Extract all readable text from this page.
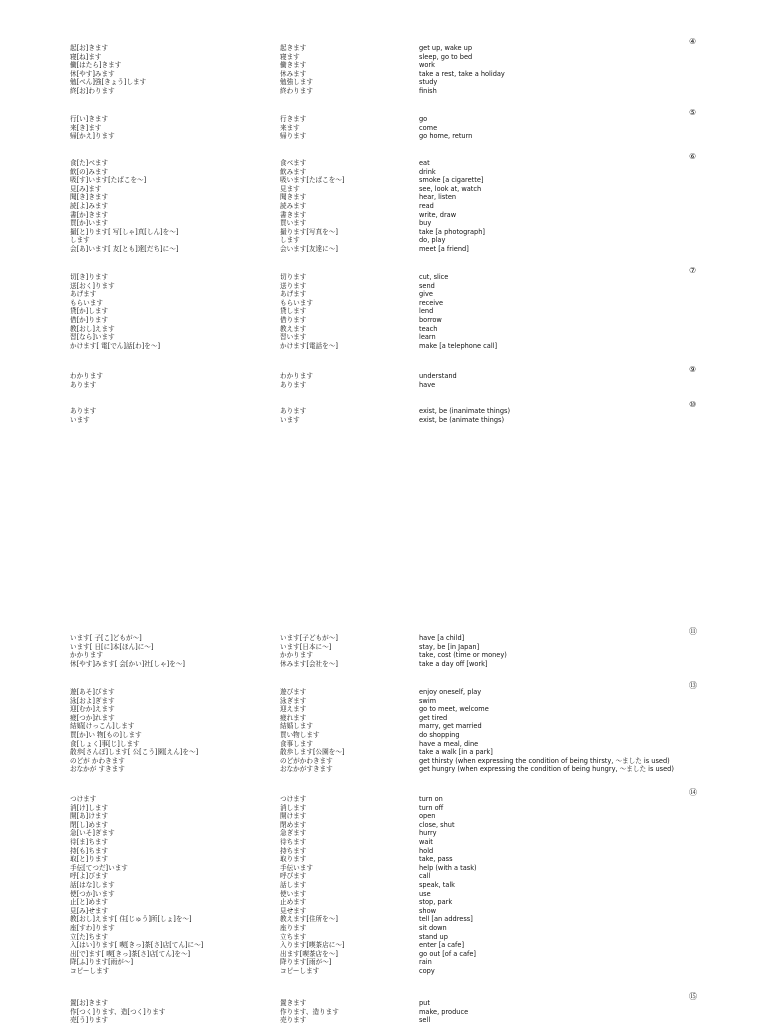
④
起[お]きます	起きます	get up, wake up
寝[ね]ます	寝ます	sleep, go to bed
働[はたら]きます	働きます	work
休[やす]みます	休みます	take a rest, take a holiday
勉[べん]強[きょう]します	勉強します	study
終[お]わります	終わります	finish
⑤
行[い]きます	行きます	go
来[き]ます	来ます	come
帰[かえ]ります	帰ります	go home, return
⑥
食[た]べます	食べます	eat
飲[の]みます	飲みます	drink
吸[す]います[たばこを～]	吸います[たばこを～]	smoke [a cigarette]
見[み]ます	見ます	see, look at, watch
聞[き]きます	聞きます	hear, listen
読[よ]みます	読みます	read
書[か]きます	書きます	write, draw
買[か]います	買います	buy
撮[と]ります[ 写[しゃ]真[しん]を～]	撮ります[写真を～]	take [a photograph]
します	します	do, play
会[あ]います[ 友[とも]達[だち]に～]	会います[友達に～]	meet [a friend]
⑦
切[き]ります	切ります	cut, slice
送[おく]ります	送ります	send
あげます	あげます	give
もらいます	もらいます	receive
貸[か]します	貸します	lend
借[か]ります	借ります	borrow
教[おし]えます	教えます	teach
習[なら]います	習います	learn
かけます[ 電[でん]話[わ]を～]	かけます[電話を～]	make [a telephone call]
⑨
わかります	わかります	understand
あります	あります	have
⑩
あります	あります	exist, be (inanimate things)
います	います	exist, be (animate things)
⑪
います[ 子[こ]どもが～]	います[子どもが～]	have [a child]
います[ 日[に]本[ほん]に～]	います[日本に～]	stay, be [in Japan]
かかります	かかります	take, cost (time or money)
休[やす]みます[ 会[かい]社[しゃ]を～]	休みます[会社を～]	take a day off [work]
⑬
遊[あそ]びます	遊びます	enjoy oneself, play
泳[およ]ぎます	泳ぎます	swim
迎[むか]えます	迎えます	go to meet, welcome
疲[つか]れます	疲れます	get tired
結婚[けっこん]します	結婚します	marry, get married
買[か]い 物[もの]します	買い物します	do shopping
食[しょく]事[じ]します	食事します	have a meal, dine
散歩[さんぽ]します[ 公[こう]園[えん]を～]	散歩します[公園を～]	take a walk [in a park]
のどが かわきます	のどがかわきます	get thirsty (when expressing the condition of being thirsty, ～ました is used)
おなかが すきます	おなかがすきます	get hungry (when expressing the condition of being hungry, ～ました is used)
⑭
つけます	つけます	turn on
消[け]します	消します	turn off
開[あ]けます	開けます	open
閉[し]めます	閉めます	close, shut
急[いそ]ぎます	急ぎます	hurry
待[ま]ちます	待ちます	wait
持[も]ちます	持ちます	hold
取[と]ります	取ります	take, pass
手伝[てつだ]います	手伝います	help (with a task)
呼[よ]びます	呼びます	call
話[はな]します	話します	speak, talk
使[つか]います	使います	use
止[と]めます	止めます	stop, park
見[み]せます	見せます	show
教[おし]えます[ 住[じゅう]所[しょ]を～]	教えます[住所を～]	tell [an address]
座[すわ]ります	座ります	sit down
立[た]ちます	立ちます	stand up
入[はい]ります[ 喫[きっ]茶[さ]店[てん]に～]	入ります[喫茶店に～]	enter [a cafe]
出[で]ます[ 喫[きっ]茶[さ]店[てん]を～]	出ます[喫茶店を～]	go out [of a cafe]
降[ふ]ります[雨が～]	降ります[雨が～]	rain
コピーします	コピーします	copy
⑮
置[お]きます	置きます	put
作[つく]ります、造[つく]ります	作ります、造ります	make, produce
売[う]ります	売ります	sell
